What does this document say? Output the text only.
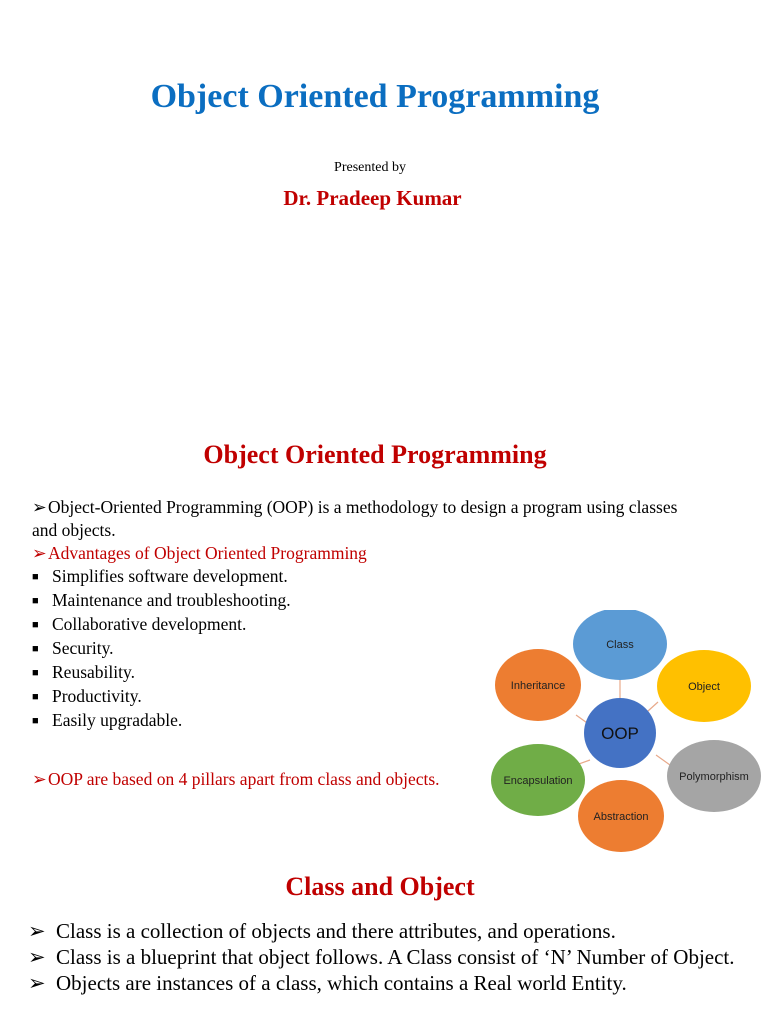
Object Oriented Programming
Presented by
Dr. Pradeep Kumar
Object Oriented Programming
➢Object-Oriented Programming (OOP) is a methodology to design a program using classes and objects.
➢Advantages of Object Oriented Programming
■ Simplifies software development.
■ Maintenance and troubleshooting.
■ Collaborative development.
■ Security.
■ Reusability.
■ Productivity.
■ Easily upgradable.
➢OOP are based on 4 pillars apart from class and objects.
OOP
Class
Object
Polymorphism
Abstraction
Encapsulation
Inheritance
Class and Object
➢ Class is a collection of objects and there attributes, and operations.
➢ Class is a blueprint that object follows. A Class consist of ‘N’ Number of Object.
➢ Objects are instances of a class, which contains a Real world Entity.
